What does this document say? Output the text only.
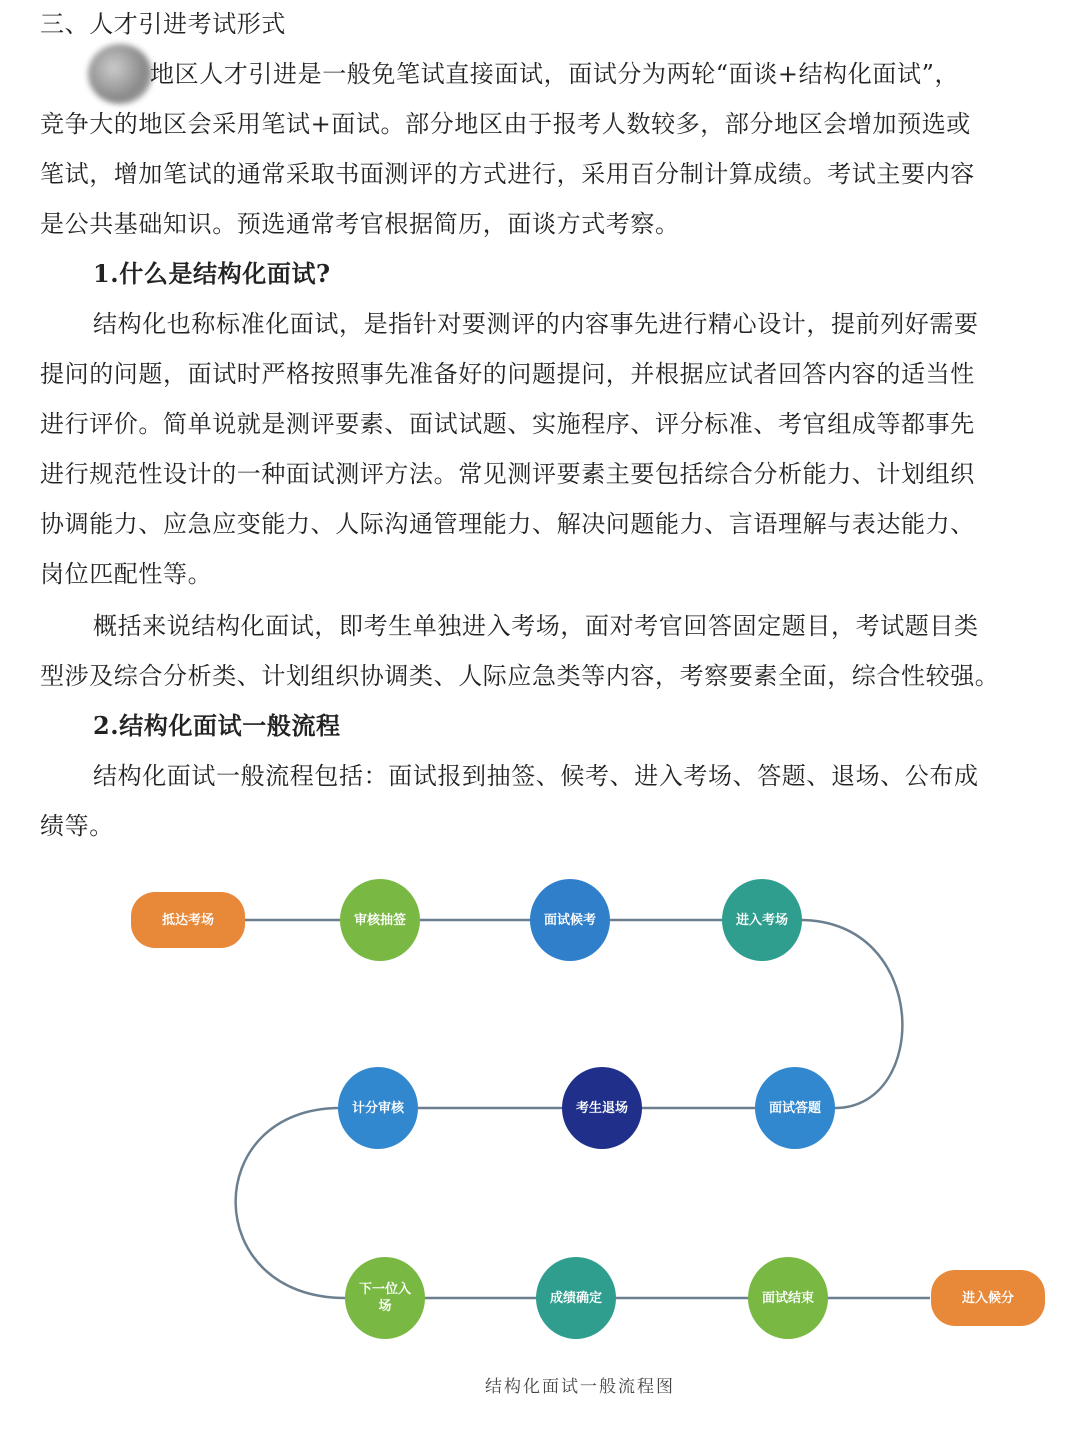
三、人才引进考试形式
地区人才引进是一般免笔试直接面试，面试分为两轮“面谈+结构化面试”，
竞争大的地区会采用笔试+面试。部分地区由于报考人数较多，部分地区会增加预选或
笔试，增加笔试的通常采取书面测评的方式进行，采用百分制计算成绩。考试主要内容
是公共基础知识。预选通常考官根据简历，面谈方式考察。
1.什么是结构化面试?
结构化也称标准化面试，是指针对要测评的内容事先进行精心设计，提前列好需要
提问的问题，面试时严格按照事先准备好的问题提问，并根据应试者回答内容的适当性
进行评价。简单说就是测评要素、面试试题、实施程序、评分标准、考官组成等都事先
进行规范性设计的一种面试测评方法。常见测评要素主要包括综合分析能力、计划组织
协调能力、应急应变能力、人际沟通管理能力、解决问题能力、言语理解与表达能力、
岗位匹配性等。
概括来说结构化面试，即考生单独进入考场，面对考官回答固定题目，考试题目类
型涉及综合分析类、计划组织协调类、人际应急类等内容，考察要素全面，综合性较强。
2.结构化面试一般流程
结构化面试一般流程包括：面试报到抽签、候考、进入考场、答题、退场、公布成
绩等。
抵达考场	审核抽签	面试候考	进入考场
面试答题
考生退场
计分审核
下一位入场
成绩确定	面试结束	进入候分
结构化面试一般流程图
